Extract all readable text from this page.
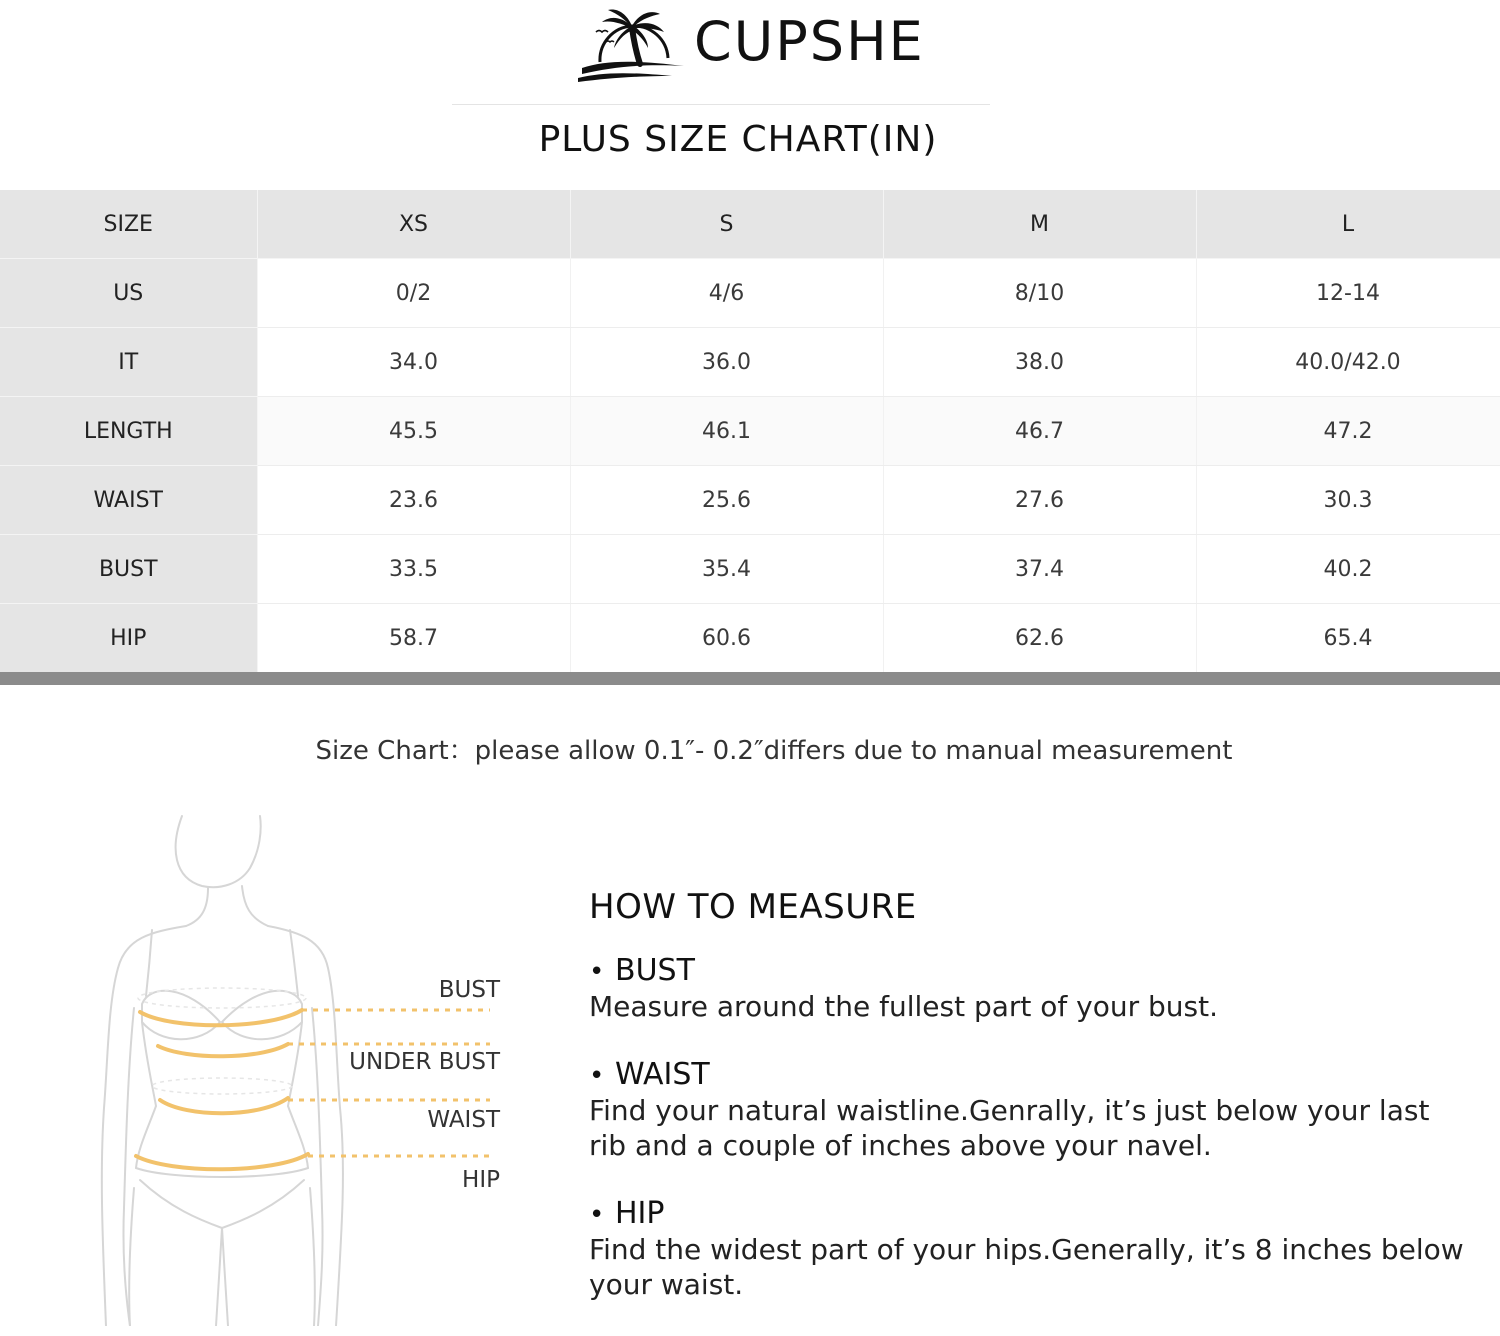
CUPSHE
PLUS SIZE CHART(IN)
SIZE	XS	S	M	L
US	0/2	4/6	8/10	12-14
IT	34.0	36.0	38.0	40.0/42.0
LENGTH	45.5	46.1	46.7	47.2
WAIST	23.6	25.6	27.6	30.3
BUST	33.5	35.4	37.4	40.2
HIP	58.7	60.6	62.6	65.4
Size Chart：please allow 0.1″- 0.2″differs due to manual measurement
BUST
UNDER BUST
WAIST
HIP
HOW TO MEASURE
• BUST
Measure around the fullest part of your bust.
• WAIST
Find your natural waistline.Genrally, it’s just below your last rib and a couple of inches above your navel.
• HIP
Find the widest part of your hips.Generally, it’s 8 inches below your waist.
